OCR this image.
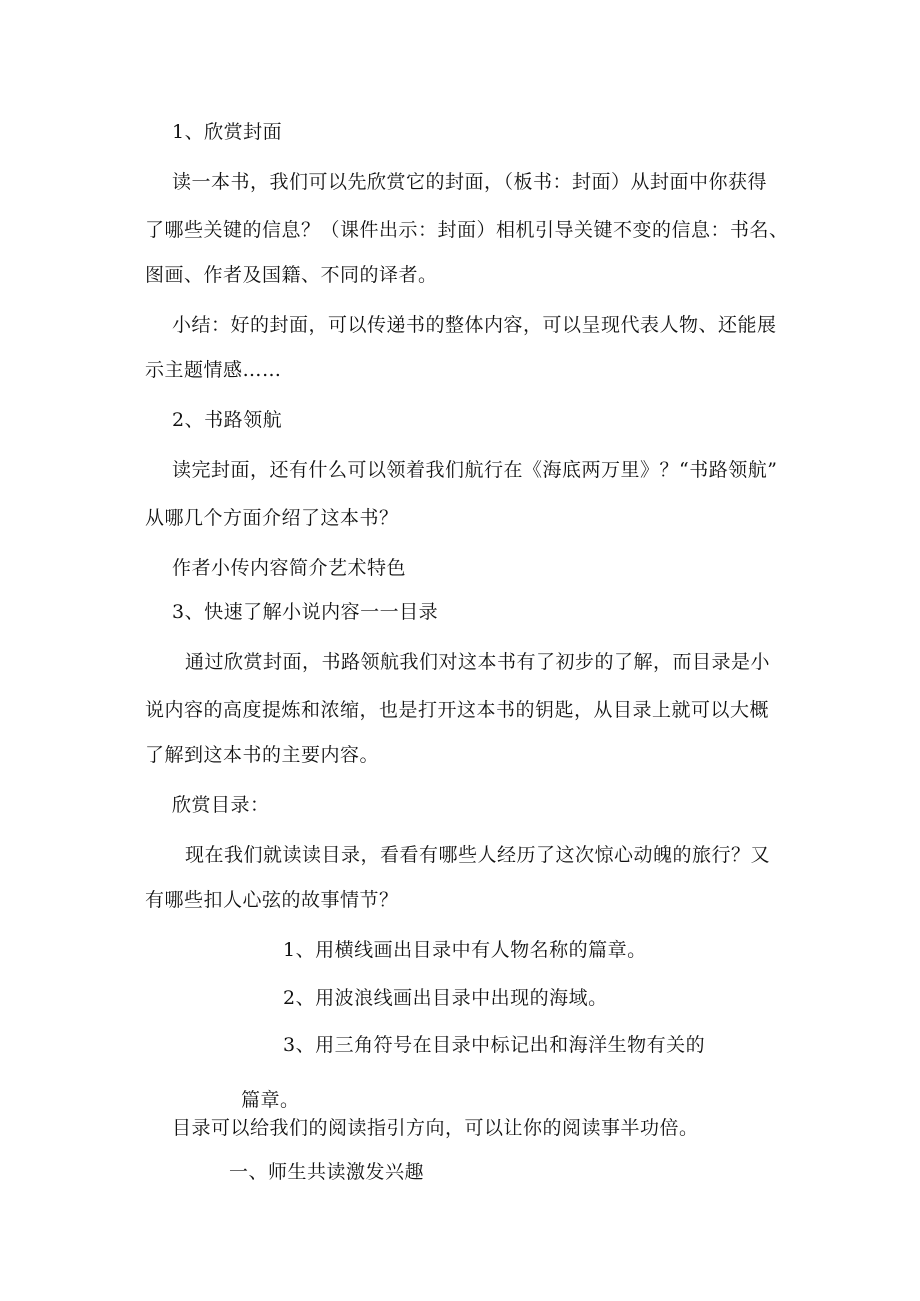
1、欣赏封面
读一本书，我们可以先欣赏它的封面，（板书：封面）从封面中你获得
了哪些关键的信息？（课件出示：封面）相机引导关键不变的信息：书名、
图画、作者及国籍、不同的译者。
小结：好的封面，可以传递书的整体内容，可以呈现代表人物、还能展
示主题情感……
2、书路领航
读完封面，还有什么可以领着我们航行在《海底两万里》？“书路领航”
从哪几个方面介绍了这本书？
作者小传内容简介艺术特色
3、快速了解小说内容一一目录
通过欣赏封面，书路领航我们对这本书有了初步的了解，而目录是小
说内容的高度提炼和浓缩，也是打开这本书的钥匙，从目录上就可以大概
了解到这本书的主要内容。
欣赏目录：
现在我们就读读目录，看看有哪些人经历了这次惊心动魄的旅行？又
有哪些扣人心弦的故事情节？
1、用横线画出目录中有人物名称的篇章。
2、用波浪线画出目录中出现的海域。
3、用三角符号在目录中标记出和海洋生物有关的
篇章。
目录可以给我们的阅读指引方向，可以让你的阅读事半功倍。
一、师生共读激发兴趣
